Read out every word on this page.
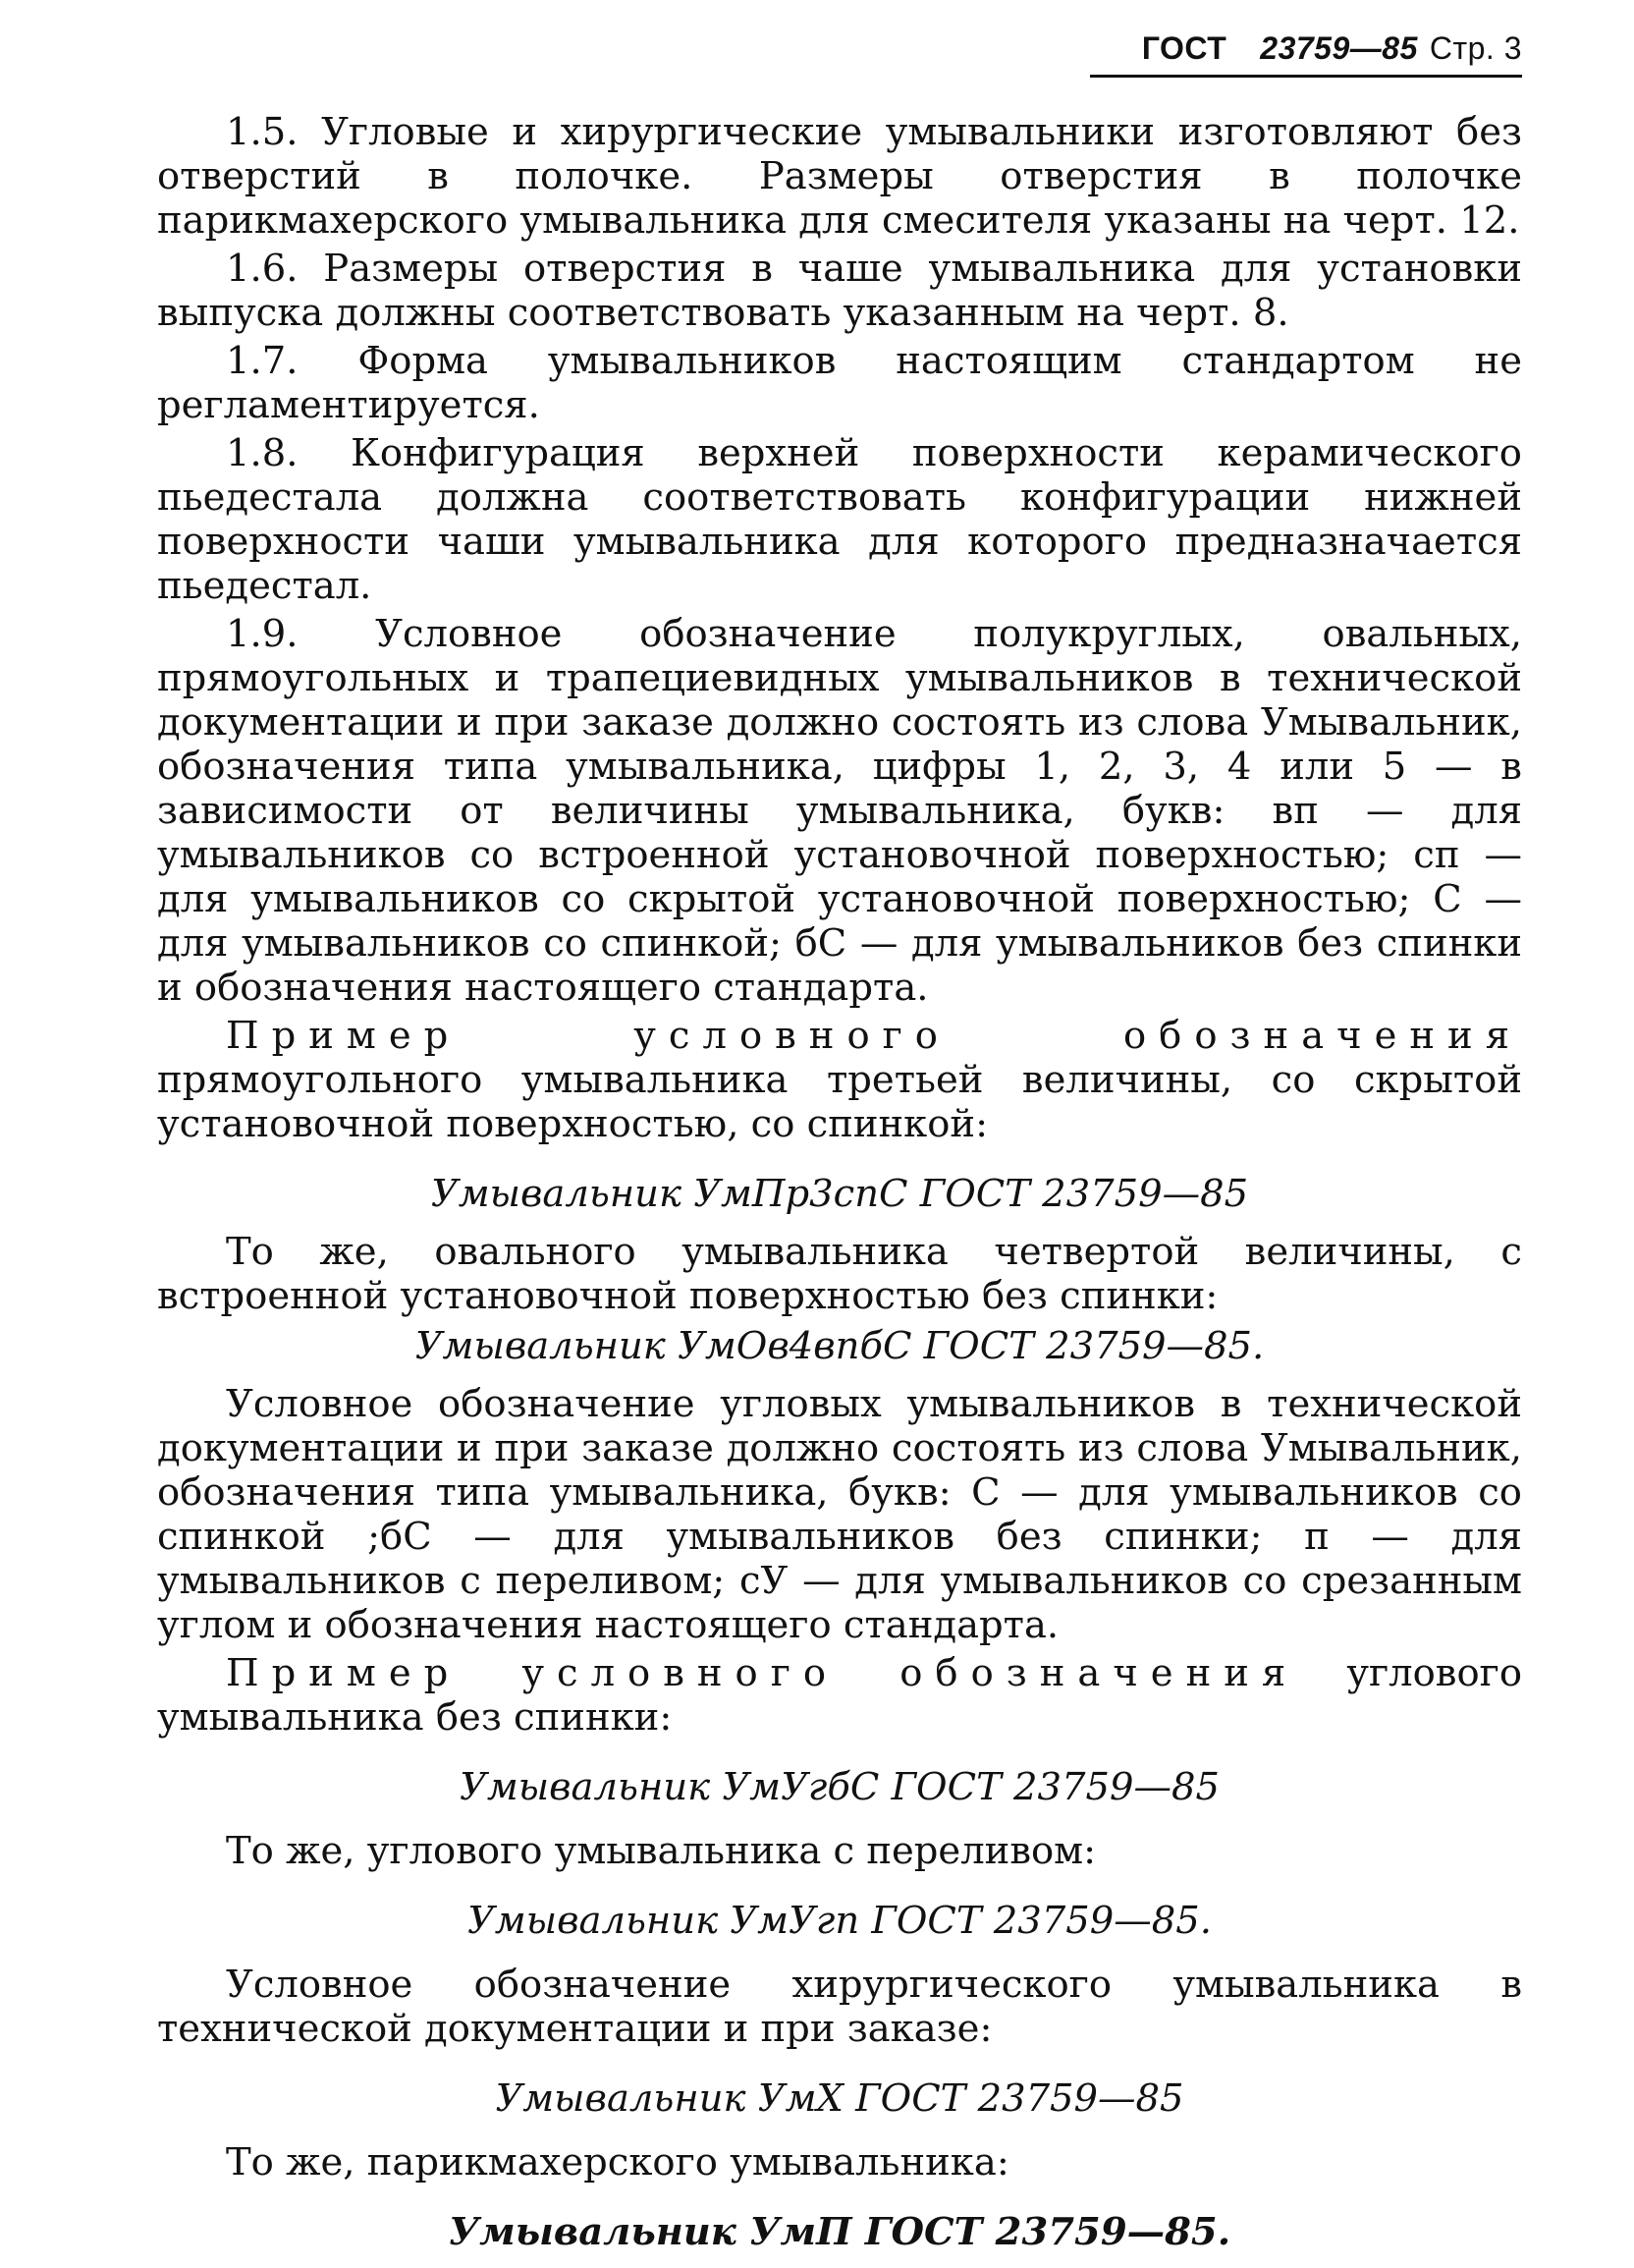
ГОСТ 23759—85 Стр. 3

1.5. Угловые и хирургические умывальники изготовляют без отверстий в полочке. Размеры отверстия в полочке парикмахерского умывальника для смесителя указаны на черт. 12.

1.6. Размеры отверстия в чаше умывальника для установки выпуска должны соответствовать указанным на черт. 8.

1.7. Форма умывальников настоящим стандартом не регламентируется.

1.8. Конфигурация верхней поверхности керамического пьедестала должна соответствовать конфигурации нижней поверхности чаши умывальника для которого предназначается пьедестал.

1.9. Условное обозначение полукруглых, овальных, прямоугольных и трапециевидных умывальников в технической документации и при заказе должно состоять из слова Умывальник, обозначения типа умывальника, цифры 1, 2, 3, 4 или 5 — в зависимости от величины умывальника, букв: вп — для умывальников со встроенной установочной поверхностью; сп — для умывальников со скрытой установочной поверхностью; С — для умывальников со спинкой; бС — для умывальников без спинки и обозначения настоящего стандарта.

Пример условного обозначения прямоугольного умывальника третьей величины, со скрытой установочной поверхностью, со спинкой:

Умывальник УмПр3спС ГОСТ 23759—85

То же, овального умывальника четвертой величины, с встроенной установочной поверхностью без спинки:

Умывальник УмОв4впбС ГОСТ 23759—85.

Условное обозначение угловых умывальников в технической документации и при заказе должно состоять из слова Умывальник, обозначения типа умывальника, букв: С — для умывальников со спинкой ;бС — для умывальников без спинки; п — для умывальников с переливом; сУ — для умывальников со срезанным углом и обозначения настоящего стандарта.

Пример условного обозначения углового умывальника без спинки:

Умывальник УмУгбС ГОСТ 23759—85

То же, углового умывальника с переливом:

Умывальник УмУгп ГОСТ 23759—85.

Условное обозначение хирургического умывальника в технической документации и при заказе:

Умывальник УмХ ГОСТ 23759—85

То же, парикмахерского умывальника:

Умывальник УмП ГОСТ 23759—85.
